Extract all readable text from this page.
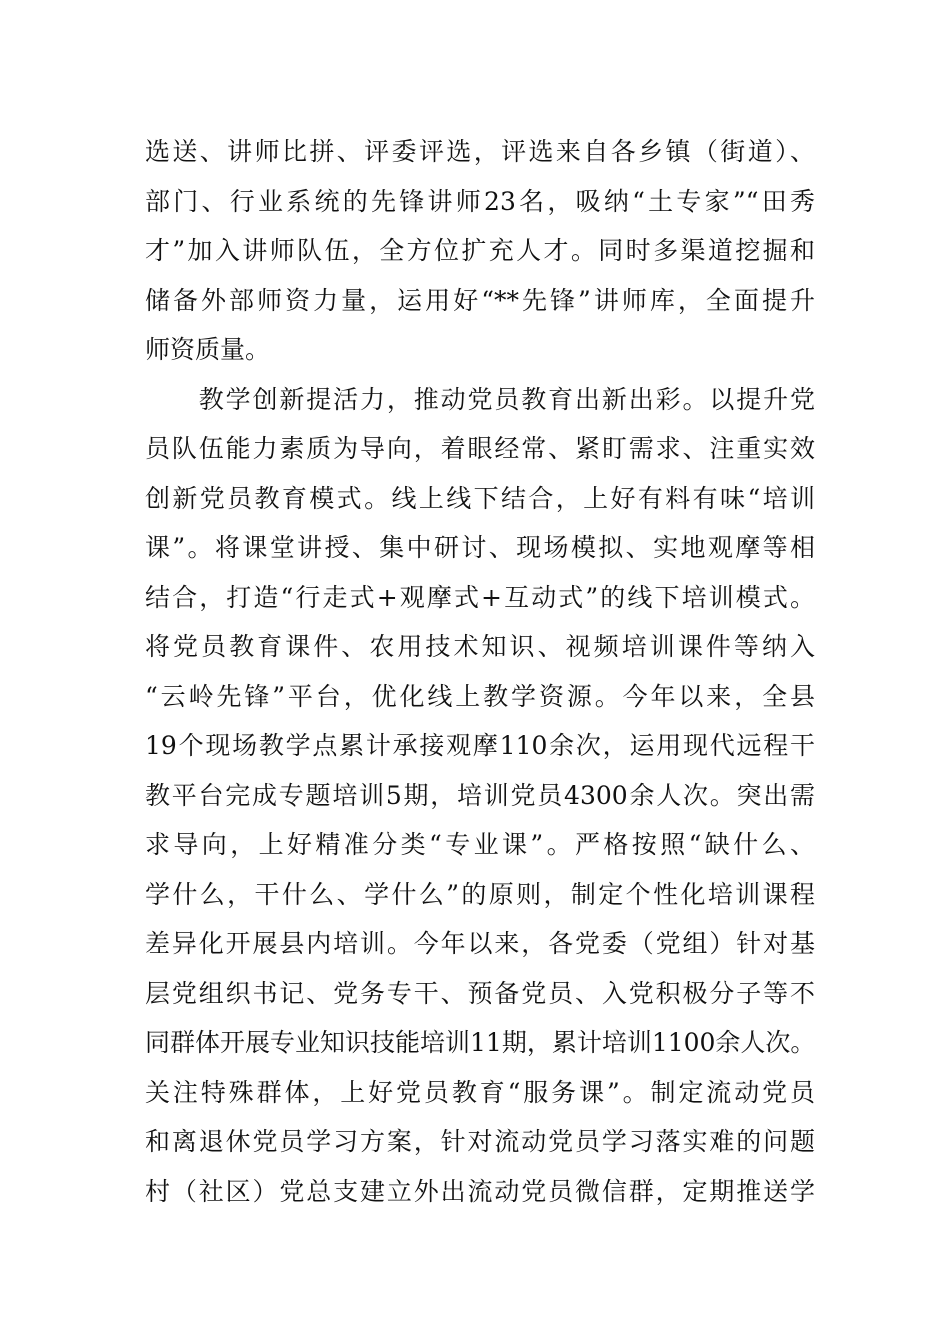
选送、讲师比拼、评委评选，评选来自各乡镇（街道）、
部门、行业系统的先锋讲师23名，吸纳“土专家”“田秀
才”加入讲师队伍，全方位扩充人才。同时多渠道挖掘和
储备外部师资力量，运用好“**先锋”讲师库，全面提升
师资质量。
　　教学创新提活力，推动党员教育出新出彩。以提升党
员队伍能力素质为导向，着眼经常、紧盯需求、注重实效
创新党员教育模式。线上线下结合，上好有料有味“培训
课”。将课堂讲授、集中研讨、现场模拟、实地观摩等相
结合，打造“行走式+观摩式+互动式”的线下培训模式。
将党员教育课件、农用技术知识、视频培训课件等纳入
“云岭先锋”平台，优化线上教学资源。今年以来，全县
19个现场教学点累计承接观摩110余次，运用现代远程干
教平台完成专题培训5期，培训党员4300余人次。突出需
求导向，上好精准分类“专业课”。严格按照“缺什么、
学什么，干什么、学什么”的原则，制定个性化培训课程
差异化开展县内培训。今年以来，各党委（党组）针对基
层党组织书记、党务专干、预备党员、入党积极分子等不
同群体开展专业知识技能培训11期，累计培训1100余人次。
关注特殊群体，上好党员教育“服务课”。制定流动党员
和离退休党员学习方案，针对流动党员学习落实难的问题
村（社区）党总支建立外出流动党员微信群，定期推送学
